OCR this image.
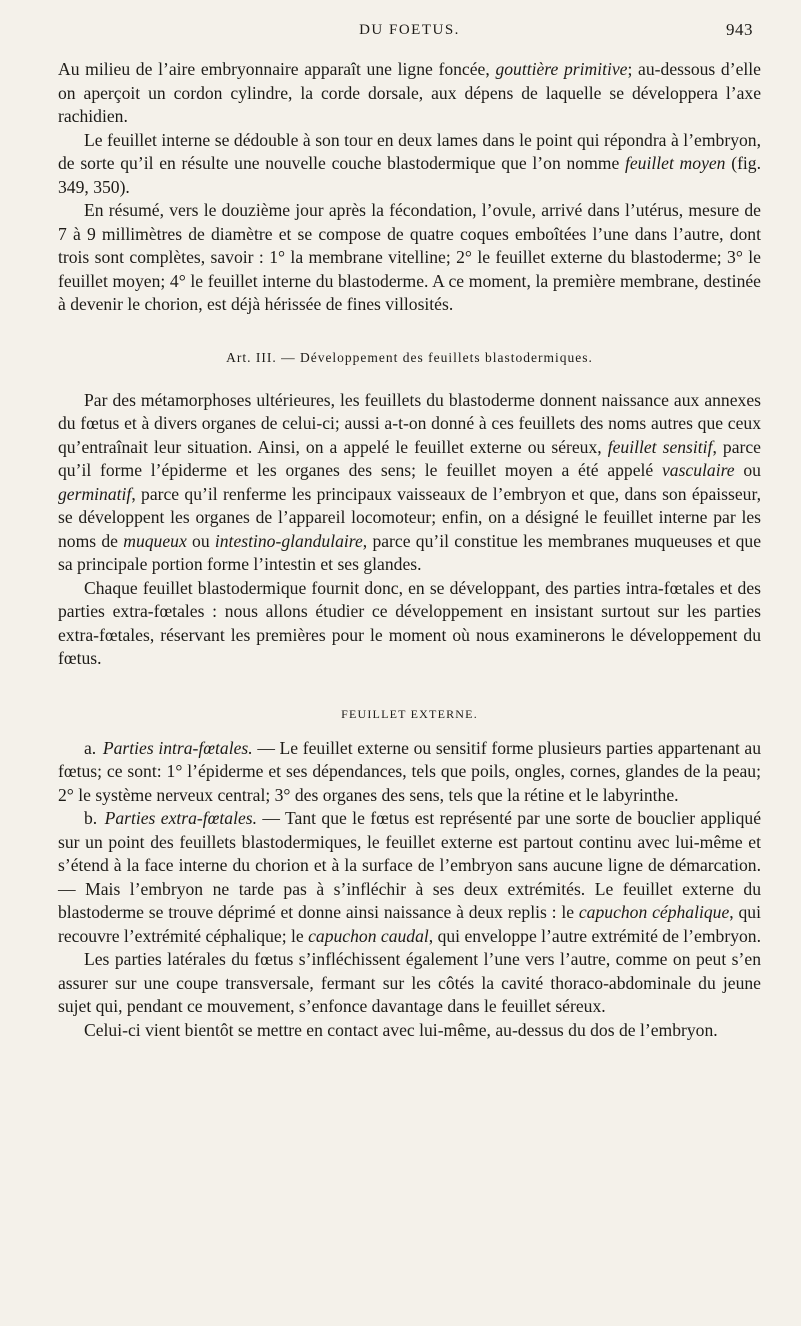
DU FOETUS.	943

Au milieu de l’aire embryonnaire apparaît une ligne foncée, gouttière primitive; au-dessous d’elle on aperçoit un cordon cylindre, la corde dorsale, aux dépens de laquelle se développera l’axe rachidien.

Le feuillet interne se dédouble à son tour en deux lames dans le point qui répondra à l’embryon, de sorte qu’il en résulte une nouvelle couche blastodermique que l’on nomme feuillet moyen (fig. 349, 350).

En résumé, vers le douzième jour après la fécondation, l’ovule, arrivé dans l’utérus, mesure de 7 à 9 millimètres de diamètre et se compose de quatre coques emboîtées l’une dans l’autre, dont trois sont complètes, savoir : 1° la membrane vitelline; 2° le feuillet externe du blastoderme; 3° le feuillet moyen; 4° le feuillet interne du blastoderme. A ce moment, la première membrane, destinée à devenir le chorion, est déjà hérissée de fines villosités.

Art. III. — Développement des feuillets blastodermiques.

Par des métamorphoses ultérieures, les feuillets du blastoderme donnent naissance aux annexes du fœtus et à divers organes de celui-ci; aussi a-t-on donné à ces feuillets des noms autres que ceux qu’entraînait leur situation. Ainsi, on a appelé le feuillet externe ou séreux, feuillet sensitif, parce qu’il forme l’épiderme et les organes des sens; le feuillet moyen a été appelé vasculaire ou germinatif, parce qu’il renferme les principaux vaisseaux de l’embryon et que, dans son épaisseur, se développent les organes de l’appareil locomoteur; enfin, on a désigné le feuillet interne par les noms de muqueux ou intestino-glandulaire, parce qu’il constitue les membranes muqueuses et que sa principale portion forme l’intestin et ses glandes.

Chaque feuillet blastodermique fournit donc, en se développant, des parties intra-fœtales et des parties extra-fœtales : nous allons étudier ce développement en insistant surtout sur les parties extra-fœtales, réservant les premières pour le moment où nous examinerons le développement du fœtus.

FEUILLET EXTERNE.

a. Parties intra-fœtales. — Le feuillet externe ou sensitif forme plusieurs parties appartenant au fœtus; ce sont: 1° l’épiderme et ses dépendances, tels que poils, ongles, cornes, glandes de la peau; 2° le système nerveux central; 3° des organes des sens, tels que la rétine et le labyrinthe.

b. Parties extra-fœtales. — Tant que le fœtus est représenté par une sorte de bouclier appliqué sur un point des feuillets blastodermiques, le feuillet externe est partout continu avec lui-même et s’étend à la face interne du chorion et à la surface de l’embryon sans aucune ligne de démarcation. — Mais l’embryon ne tarde pas à s’infléchir à ses deux extrémités. Le feuillet externe du blastoderme se trouve déprimé et donne ainsi naissance à deux replis : le capuchon céphalique, qui recouvre l’extrémité céphalique; le capuchon caudal, qui enveloppe l’autre extrémité de l’embryon.

Les parties latérales du fœtus s’infléchissent également l’une vers l’autre, comme on peut s’en assurer sur une coupe transversale, fermant sur les côtés la cavité thoraco-abdominale du jeune sujet qui, pendant ce mouvement, s’enfonce davantage dans le feuillet séreux.

Celui-ci vient bientôt se mettre en contact avec lui-même, au-dessus du dos de l’embryon.
